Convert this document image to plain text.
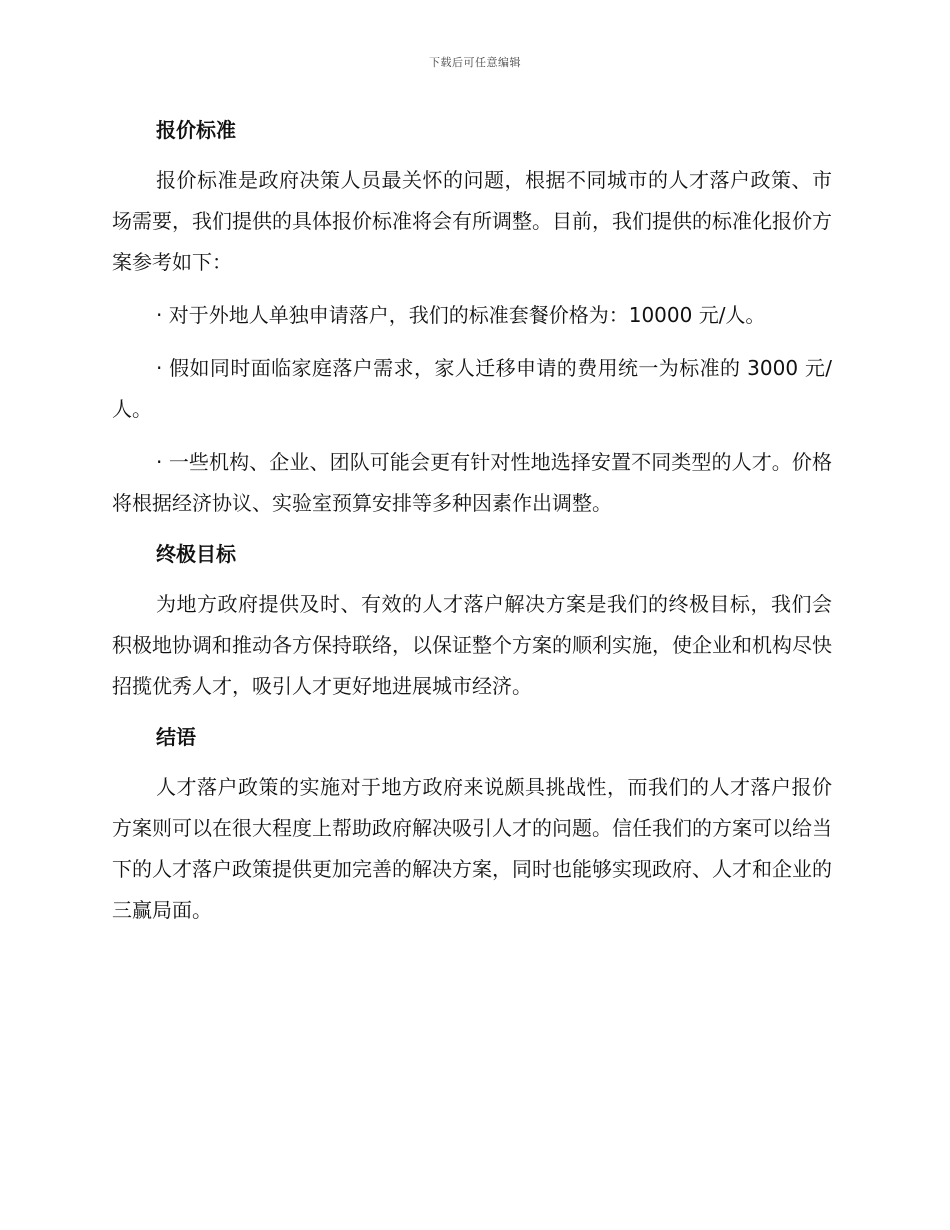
下载后可任意编辑
报价标准
报价标准是政府决策人员最关怀的问题，根据不同城市的人才落户政策、市场需要，我们提供的具体报价标准将会有所调整。目前，我们提供的标准化报价方案参考如下：
· 对于外地人单独申请落户，我们的标准套餐价格为：10000 元/人。
· 假如同时面临家庭落户需求，家人迁移申请的费用统一为标准的 3000 元/人。
· 一些机构、企业、团队可能会更有针对性地选择安置不同类型的人才。价格将根据经济协议、实验室预算安排等多种因素作出调整。
终极目标
为地方政府提供及时、有效的人才落户解决方案是我们的终极目标，我们会积极地协调和推动各方保持联络，以保证整个方案的顺利实施，使企业和机构尽快招揽优秀人才，吸引人才更好地进展城市经济。
结语
人才落户政策的实施对于地方政府来说颇具挑战性，而我们的人才落户报价方案则可以在很大程度上帮助政府解决吸引人才的问题。信任我们的方案可以给当下的人才落户政策提供更加完善的解决方案，同时也能够实现政府、人才和企业的三赢局面。
